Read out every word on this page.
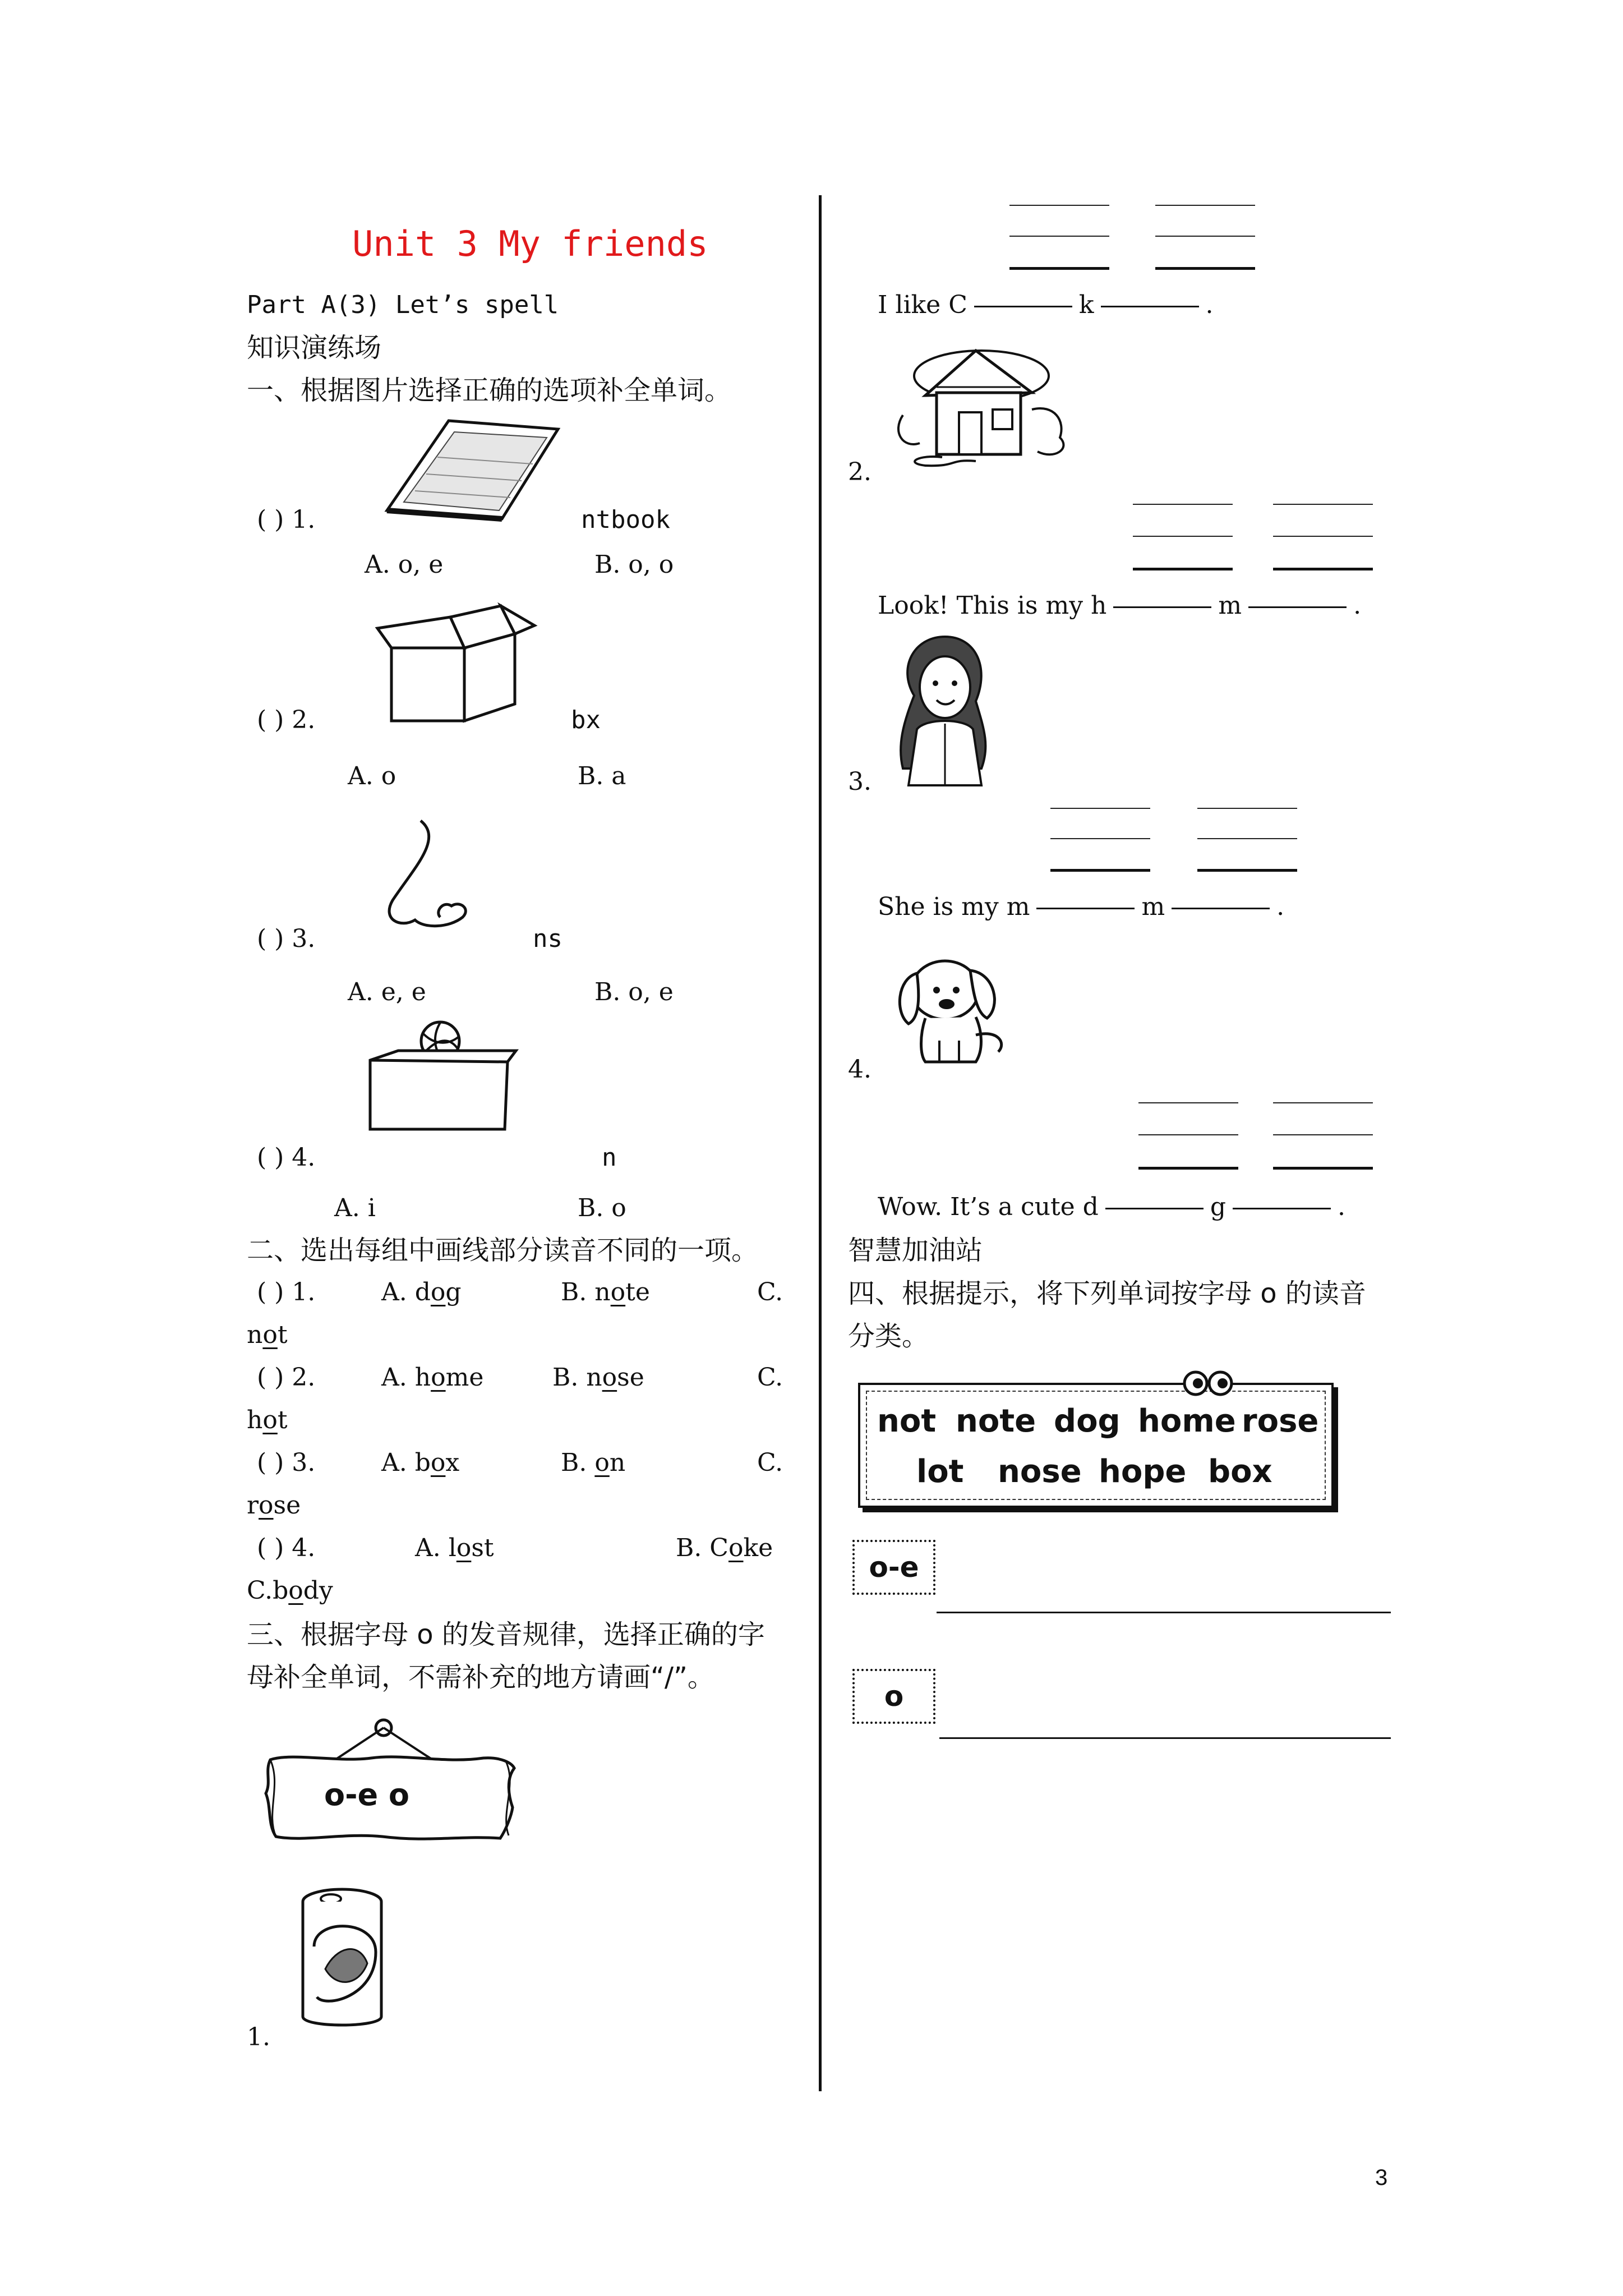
Unit 3 My friends
Part A(3) Let’s spell
知识演练场
一、根据图片选择正确的选项补全单词。
( ) 1.	ntbook
A. o, e	B. o, o
( ) 2.	bx
A. o	B. a
( ) 3.	ns
A. e, e	B. o, e
( ) 4.	n
A. i	B. o
二、选出每组中画线部分读音不同的一项。
( ) 1.	A. dog	B. note	C.
not
( ) 2.	A. home	B. nose	C.
hot
( ) 3.	A. box	B. on	C.
rose
( ) 4.	A. lost	B. Coke
C.body
三、根据字母 o 的发音规律，选择正确的字
母补全单词，不需补充的地方请画“/”。
o-e o
1.
I like C	k	.
2.
Look! This is my h	m	.
3.
She is my m	m	.
4.
Wow. It’s a cute d	g	.
智慧加油站
四、根据提示，将下列单词按字母 o 的读音
分类。
not note dog home rose
lot nose hope box
o-e
o
3
